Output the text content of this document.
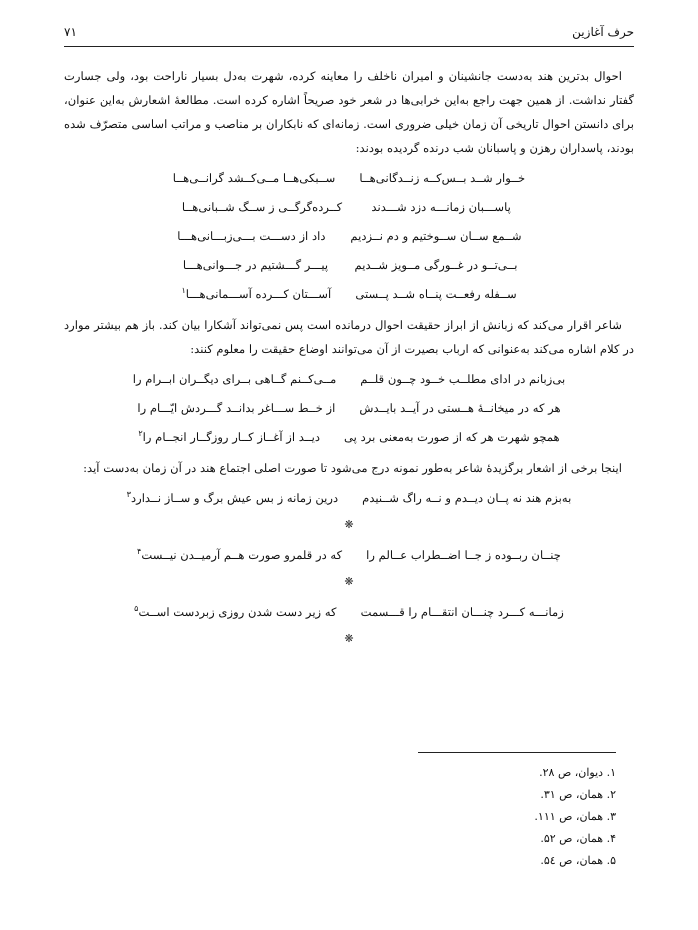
۷۱	حرف آغازین

احوال بدترین هند به‌دست جانشینان و امیران ناخلف را معاینه کرده، شهرت به‌دل بسیار ناراحت بود، ولی جسارت گفتار نداشت. از همین جهت راجع به‌این خرابی‌ها در شعر خود صریحاً اشاره کرده است. مطالعهٔ اشعارش به‌این عنوان، برای دانستن احوال تاریخی آن زمان خیلی ضروری است. زمانه‌ای که نابکاران بر مناصب و مراتب اساسی متصرّف شده بودند، پاسداران رهزن و پاسبانان شب درنده گردیده بودند:

خــوار شــد بــس‌کــه زنــدگانی‌هــا
ســبکی‌هــا مــی‌کــشد گرانــی‌هــا
پاســـبان زمانـــه دزد شـــدند
کــرده‌گرگــی ز ســگ شــبانی‌هــا
شــمع ســان ســوختیم و دم نــزدیم
داد از دســـت بـــی‌زبـــانی‌هـــا
بــی‌تــو در غــورگی مــویز شــدیم
پیـــر گـــشتیم در جـــوانی‌هـــا
ســفله رفعــت پنــاه شــد پــستی
آســـتان کـــرده آســـمانی‌هـــا$^۱$

شاعر اقرار می‌کند که زبانش از ابراز حقیقت احوال درمانده است پس نمی‌تواند آشکارا بیان کند. باز هم بیشتر موارد در کلام اشاره می‌کند به‌عنوانی که ارباب بصیرت از آن می‌توانند اوضاع حقیقت را معلوم کنند:

بی‌زبانم در ادای مطلــب خــود چــون قلــم
مــی‌کــنم گــاهی بــرای دیگــران ابــرام را
هر که در میخانــهٔ هــستی در آیــد بایــدش
از خــط ســـاغر بدانــد گـــردش ایّـــام را
همچو شهرت هر که از صورت به‌معنی برد پی
دیــد از آغــاز کــار روزگــار انجــام را$^۲$

اینجا برخی از اشعار برگزیدهٔ شاعر به‌طور نمونه درج می‌شود تا صورت اصلی اجتماع هند در آن زمان به‌دست آید:

به‌بزم هند نه پــان دیــدم و نــه راگ شــنیدم
درین زمانه ز بس عیش برگ و ســاز نــدارد$^۳$
❋
چنــان ربــوده ز جــا اضــطراب عــالم را
که در قلمرو صورت هــم آرمیــدن نیــست$^۴$
❋
زمانـــه کـــرد چنـــان انتقـــام را قـــسمت
که زیر دست شدن روزی زبردست اســت$^۵$
❋
۱. دیوان، ص ۲۸.
۲. همان، ص ۳۱.
۳. همان، ص ۱۱۱.
۴. همان، ص ۵۲.
۵. همان، ص ۵٤.
